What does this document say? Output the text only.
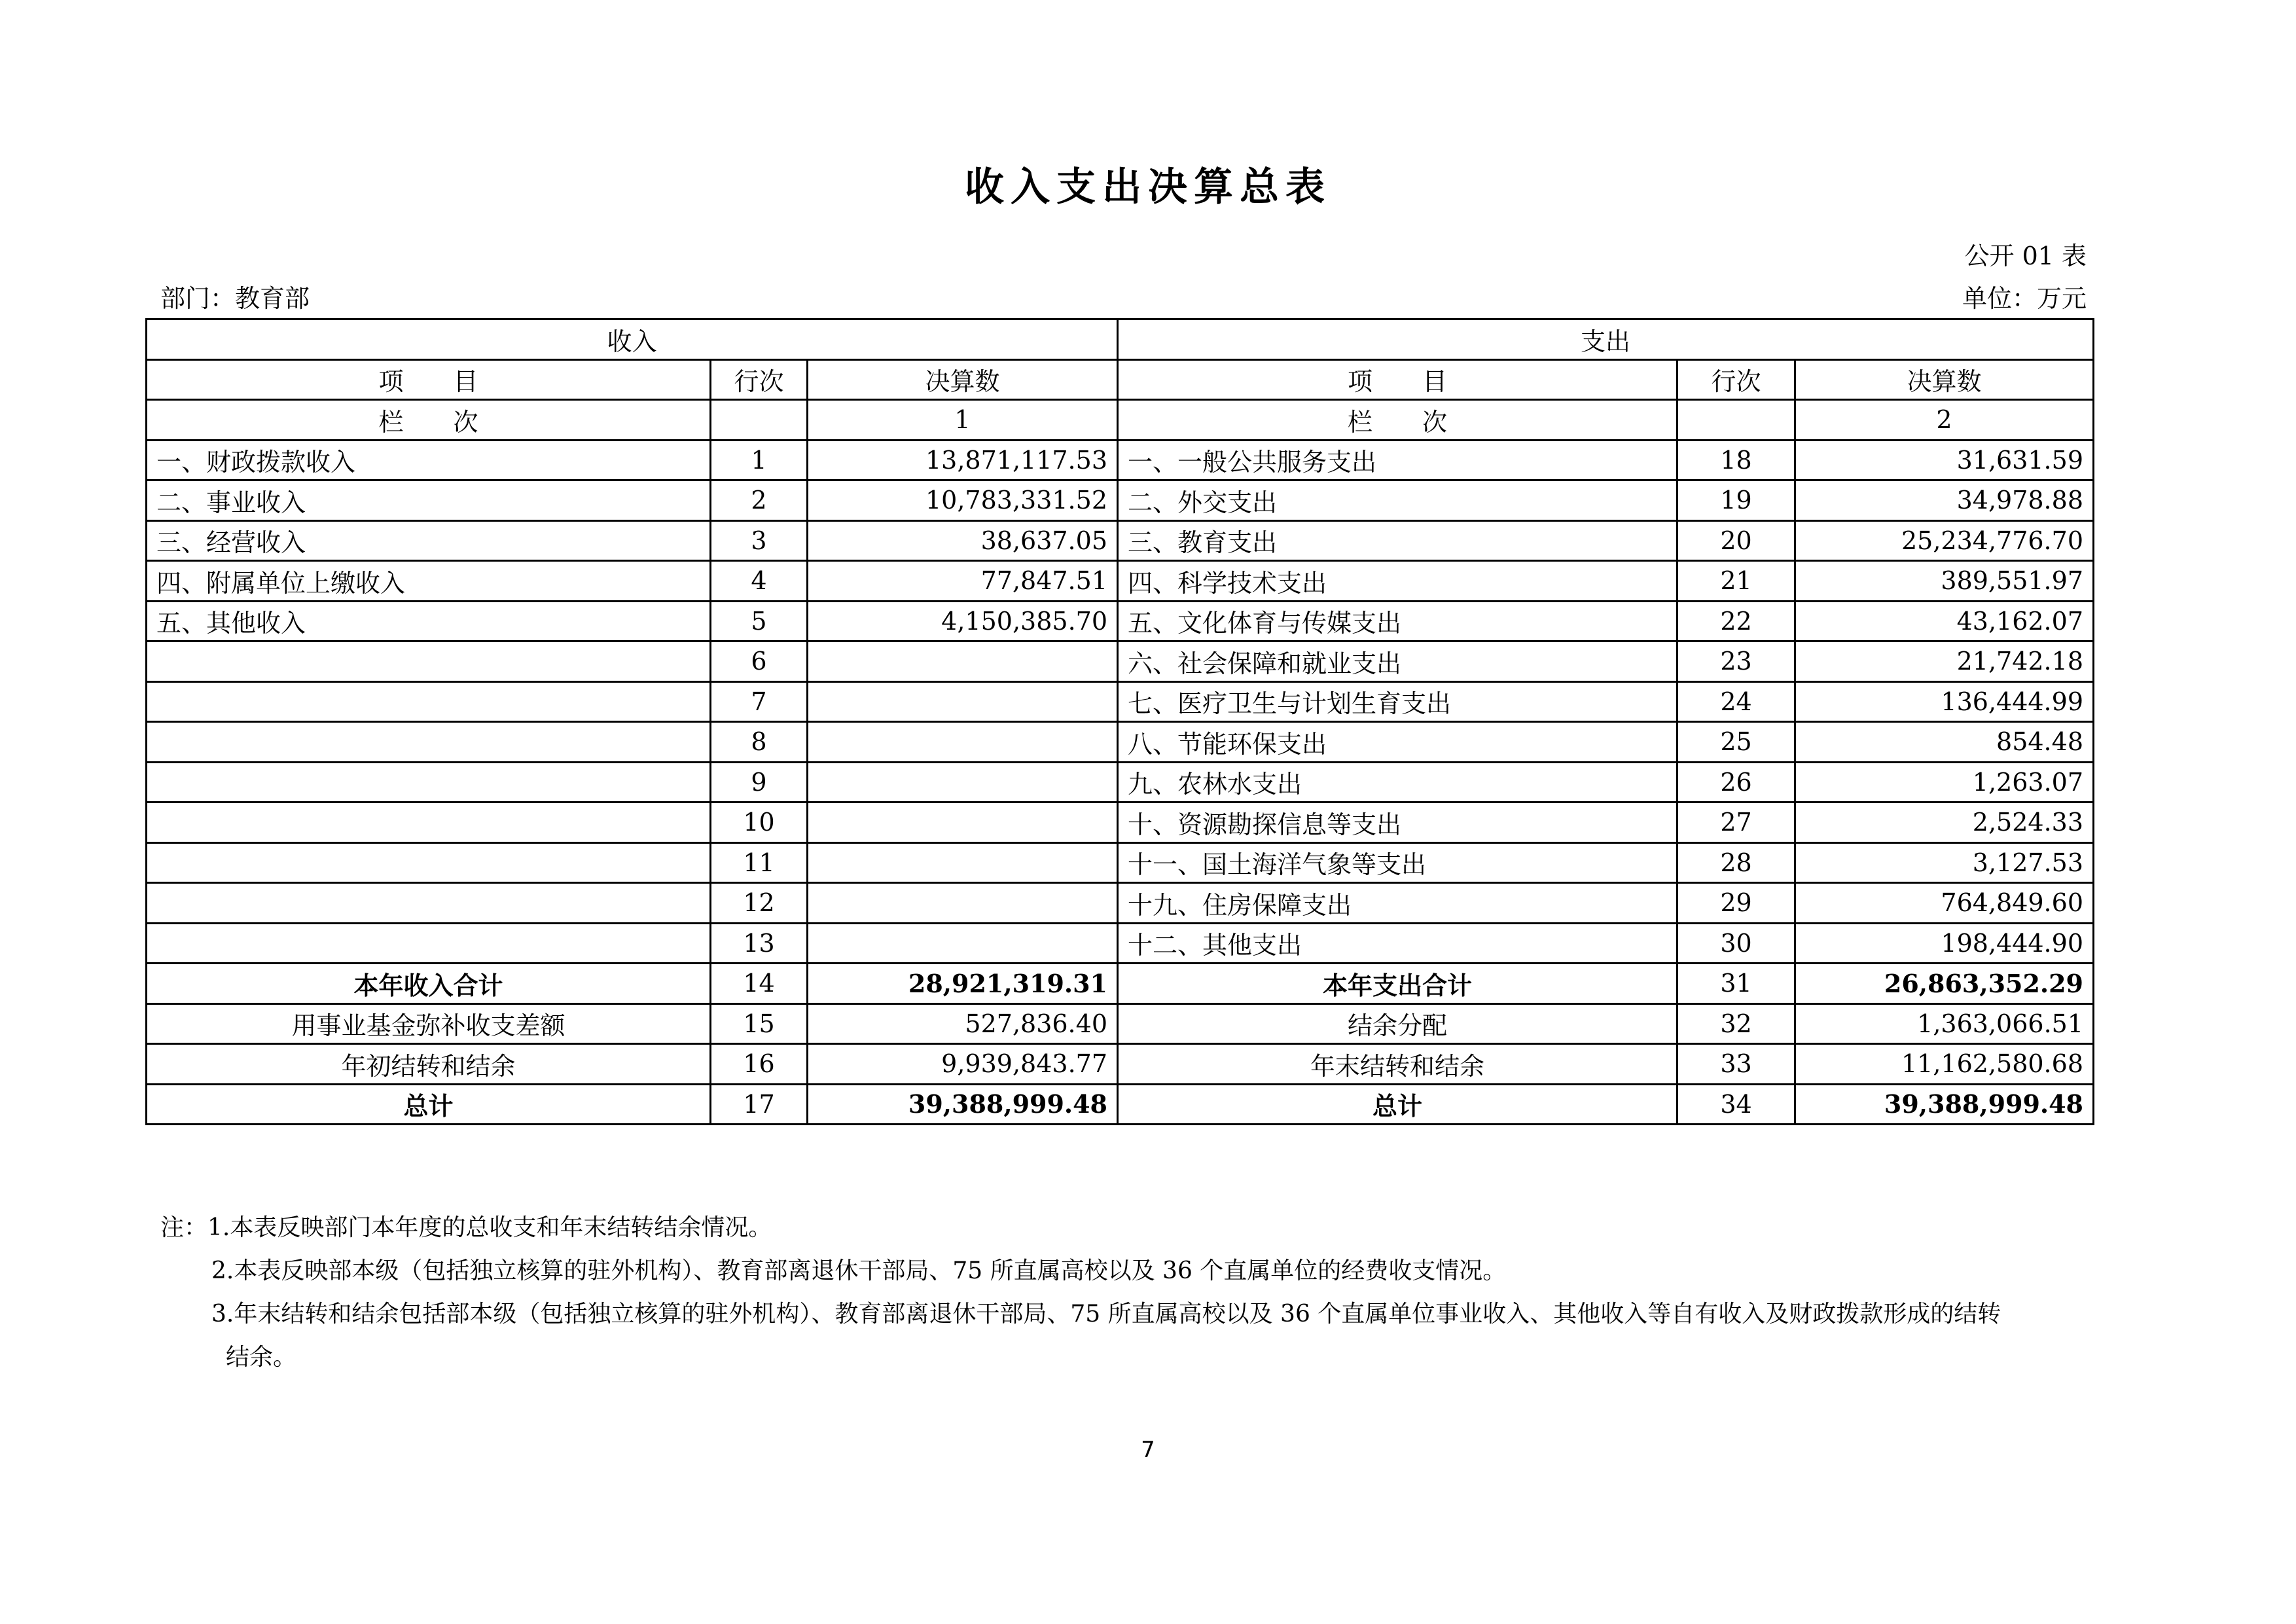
收入支出决算总表
公开 01 表
部门：教育部	单位：万元
收入			支出		
项　　目	行次	决算数	项　　目	行次	决算数
栏　　次		1	栏　　次		2
一、财政拨款收入	1	13,871,117.53	一、一般公共服务支出	18	31,631.59
二、事业收入	2	10,783,331.52	二、外交支出	19	34,978.88
三、经营收入	3	38,637.05	三、教育支出	20	25,234,776.70
四、附属单位上缴收入	4	77,847.51	四、科学技术支出	21	389,551.97
五、其他收入	5	4,150,385.70	五、文化体育与传媒支出	22	43,162.07
	6		六、社会保障和就业支出	23	21,742.18
	7		七、医疗卫生与计划生育支出	24	136,444.99
	8		八、节能环保支出	25	854.48
	9		九、农林水支出	26	1,263.07
	10		十、资源勘探信息等支出	27	2,524.33
	11		十一、国土海洋气象等支出	28	3,127.53
	12		十九、住房保障支出	29	764,849.60
	13		十二、其他支出	30	198,444.90
本年收入合计	14	28,921,319.31	本年支出合计	31	26,863,352.29
用事业基金弥补收支差额	15	527,836.40	结余分配	32	1,363,066.51
年初结转和结余	16	9,939,843.77	年末结转和结余	33	11,162,580.68
总计	17	39,388,999.48	总计	34	39,388,999.48
注：1.本表反映部门本年度的总收支和年末结转结余情况。
2.本表反映部本级（包括独立核算的驻外机构）、教育部离退休干部局、75 所直属高校以及 36 个直属单位的经费收支情况。
3.年末结转和结余包括部本级（包括独立核算的驻外机构）、教育部离退休干部局、75 所直属高校以及 36 个直属单位事业收入、其他收入等自有收入及财政拨款形成的结转
结余。
7
